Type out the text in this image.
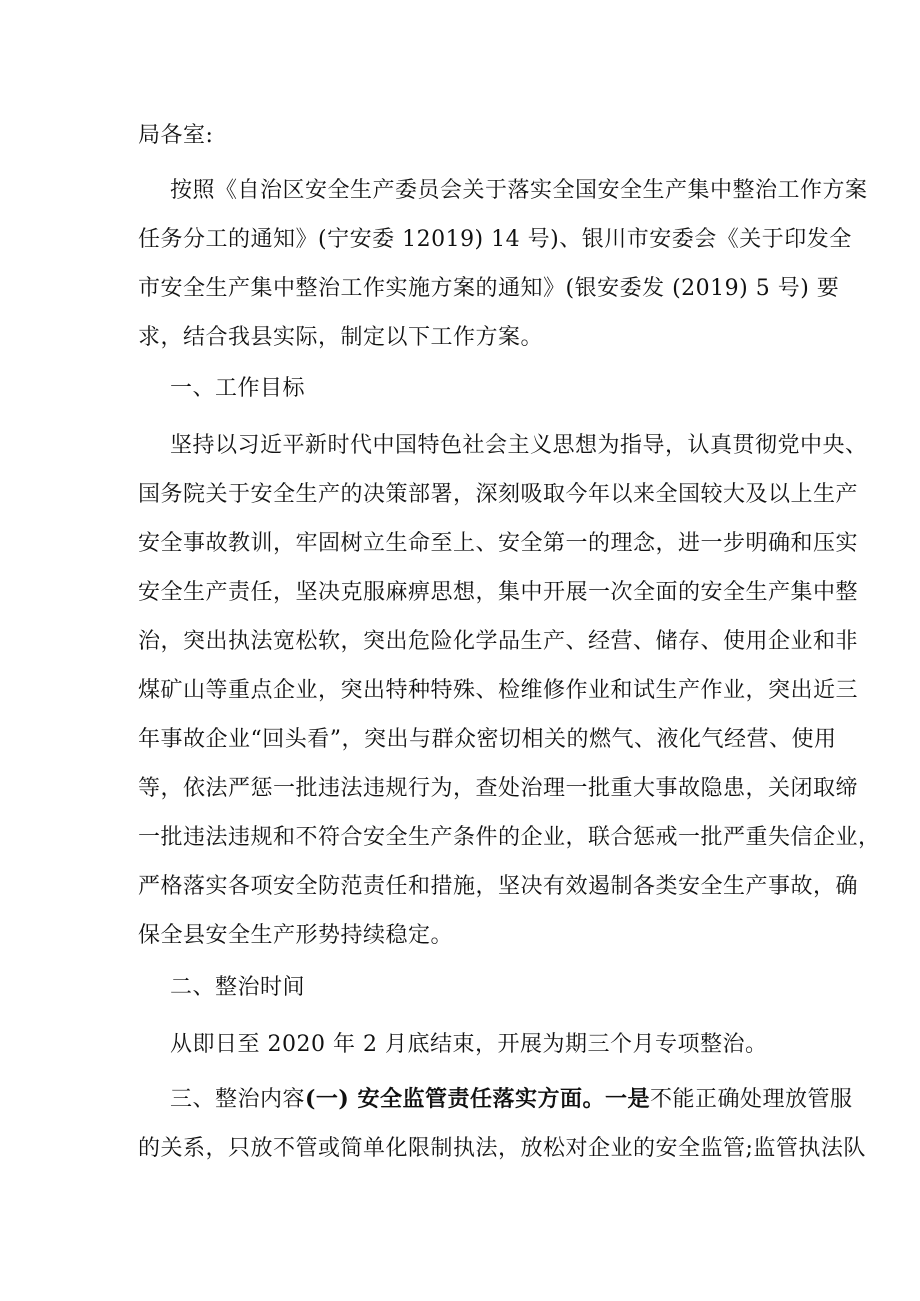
局各室:
按照《自治区安全生产委员会关于落实全国安全生产集中整治工作方案
任务分工的通知》(宁安委 12019) 14 号)、银川市安委会《关于印发全
市安全生产集中整治工作实施方案的通知》(银安委发 (2019) 5 号) 要
求，结合我县实际，制定以下工作方案。
一、工作目标
坚持以习近平新时代中国特色社会主义思想为指导，认真贯彻党中央、
国务院关于安全生产的决策部署，深刻吸取今年以来全国较大及以上生产
安全事故教训，牢固树立生命至上、安全第一的理念，进一步明确和压实
安全生产责任，坚决克服麻痹思想，集中开展一次全面的安全生产集中整
治，突出执法宽松软，突出危险化学品生产、经营、储存、使用企业和非
煤矿山等重点企业，突出特种特殊、检维修作业和试生产作业，突出近三
年事故企业“回头看”，突出与群众密切相关的燃气、液化气经营、使用
等，依法严惩一批违法违规行为，查处治理一批重大事故隐患，关闭取缔
一批违法违规和不符合安全生产条件的企业，联合惩戒一批严重失信企业，
严格落实各项安全防范责任和措施，坚决有效遏制各类安全生产事故，确
保全县安全生产形势持续稳定。
二、整治时间
从即日至 2020 年 2 月底结束，开展为期三个月专项整治。
三、整治内容(一) 安全监管责任落实方面。一是不能正确处理放管服
的关系，只放不管或简单化限制执法，放松对企业的安全监管;监管执法队
